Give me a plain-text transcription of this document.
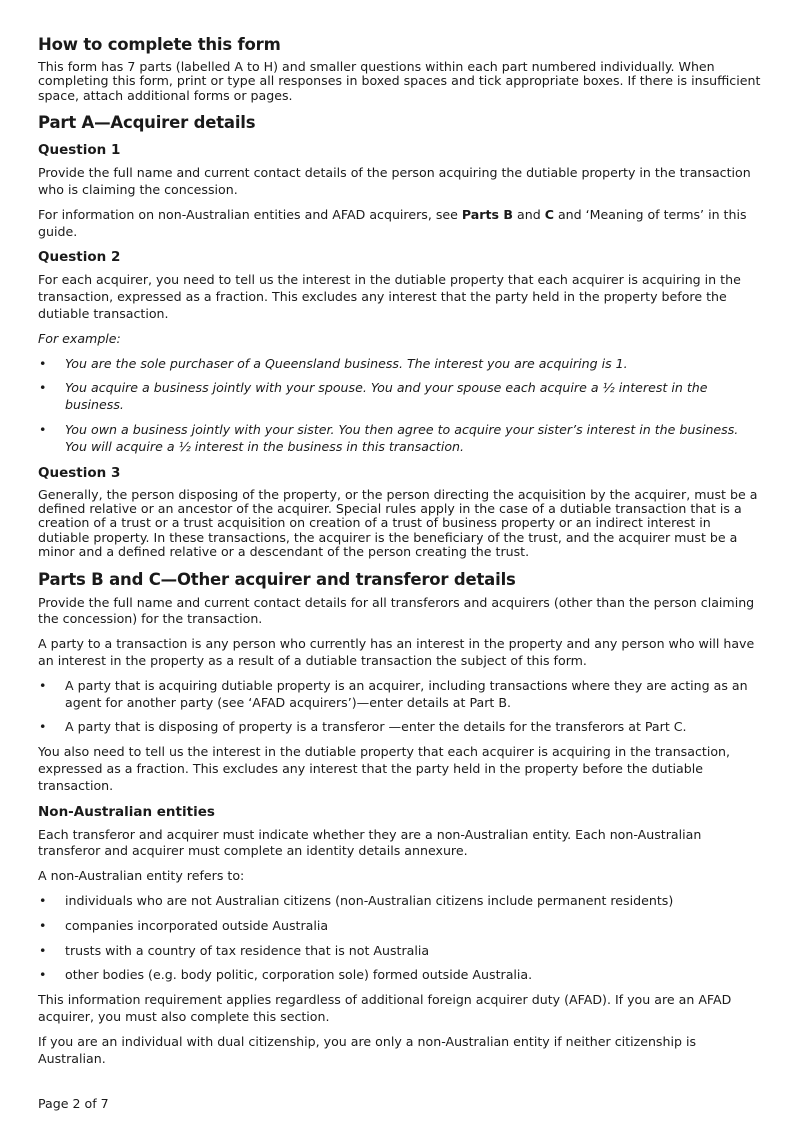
How to complete this form

This form has 7 parts (labelled A to H) and smaller questions within each part numbered individually. When completing this form, print or type all responses in boxed spaces and tick appropriate boxes. If there is insufficient space, attach additional forms or pages.

Part A—Acquirer details
Question 1

Provide the full name and current contact details of the person acquiring the dutiable property in the transaction who is claiming the concession.

For information on non-Australian entities and AFAD acquirers, see Parts B and C and ‘Meaning of terms’ in this guide.

Question 2

For each acquirer, you need to tell us the interest in the dutiable property that each acquirer is acquiring in the transaction, expressed as a fraction. This excludes any interest that the party held in the property before the dutiable transaction.

For example:

• You are the sole purchaser of a Queensland business. The interest you are acquiring is 1.
• You acquire a business jointly with your spouse. You and your spouse each acquire a ½ interest in the business.
• You own a business jointly with your sister. You then agree to acquire your sister’s interest in the business. You will acquire a ½ interest in the business in this transaction.
Question 3

Generally, the person disposing of the property, or the person directing the acquisition by the acquirer, must be a defined relative or an ancestor of the acquirer. Special rules apply in the case of a dutiable transaction that is a creation of a trust or a trust acquisition on creation of a trust of business property or an indirect interest in dutiable property. In these transactions, the acquirer is the beneficiary of the trust, and the acquirer must be a minor and a defined relative or a descendant of the person creating the trust.

Parts B and C—Other acquirer and transferor details

Provide the full name and current contact details for all transferors and acquirers (other than the person claiming the concession) for the transaction.

A party to a transaction is any person who currently has an interest in the property and any person who will have an interest in the property as a result of a dutiable transaction the subject of this form.

• A party that is acquiring dutiable property is an acquirer, including transactions where they are acting as an agent for another party (see ‘AFAD acquirers’)—enter details at Part B.
• A party that is disposing of property is a transferor —enter the details for the transferors at Part C.

You also need to tell us the interest in the dutiable property that each acquirer is acquiring in the transaction, expressed as a fraction. This excludes any interest that the party held in the property before the dutiable transaction.

Non-Australian entities

Each transferor and acquirer must indicate whether they are a non-Australian entity. Each non-Australian transferor and acquirer must complete an identity details annexure.

A non-Australian entity refers to:

• individuals who are not Australian citizens (non-Australian citizens include permanent residents)
• companies incorporated outside Australia
• trusts with a country of tax residence that is not Australia
• other bodies (e.g. body politic, corporation sole) formed outside Australia.

This information requirement applies regardless of additional foreign acquirer duty (AFAD). If you are an AFAD acquirer, you must also complete this section.

If you are an individual with dual citizenship, you are only a non-Australian entity if neither citizenship is Australian.

Page 2 of 7
